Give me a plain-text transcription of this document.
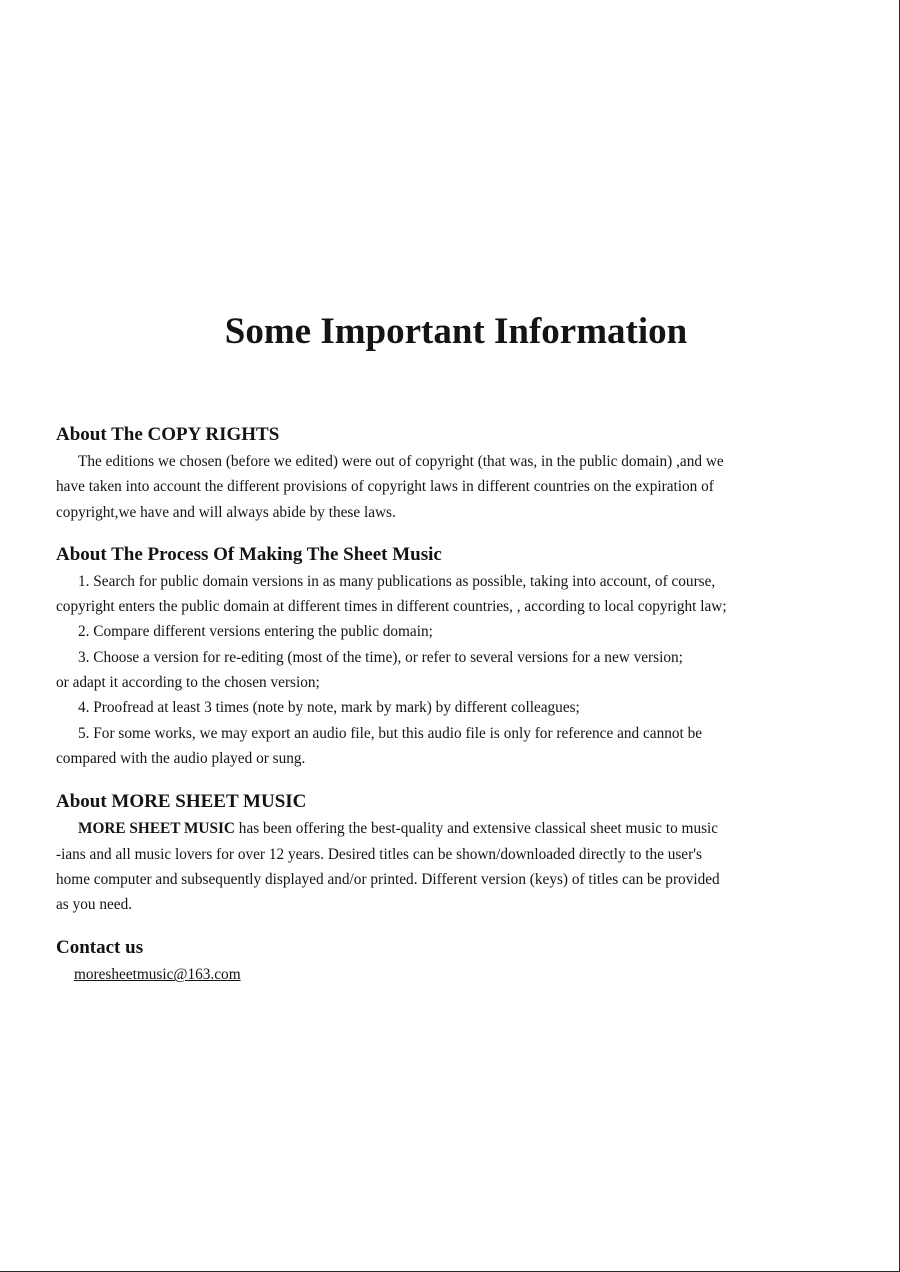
Some Important Information
About The COPY RIGHTS
The editions we chosen (before we edited) were out of copyright (that was, in the public domain) ,and we
have taken into account the different provisions of copyright laws in different countries on the expiration of
copyright,we have and will always abide by these laws.
About The Process Of Making The Sheet Music
1. Search for public domain versions in as many publications as possible, taking into account, of course,
copyright enters the public domain at different times in different countries, , according to local copyright law;
2. Compare different versions entering the public domain;
3. Choose a version for re-editing (most of the time), or refer to several versions for a new version;
or adapt it according to the chosen version;
4. Proofread at least 3 times (note by note, mark by mark) by different colleagues;
5. For some works, we may export an audio file, but this audio file is only for reference and cannot be
compared with the audio played or sung.
About MORE SHEET MUSIC
MORE SHEET MUSIC has been offering the best-quality and extensive classical sheet music to music
-ians and all music lovers for over 12 years. Desired titles can be shown/downloaded directly to the user's
home computer and subsequently displayed and/or printed. Different version (keys) of titles can be provided
as you need.
Contact us
moresheetmusic@163.com
